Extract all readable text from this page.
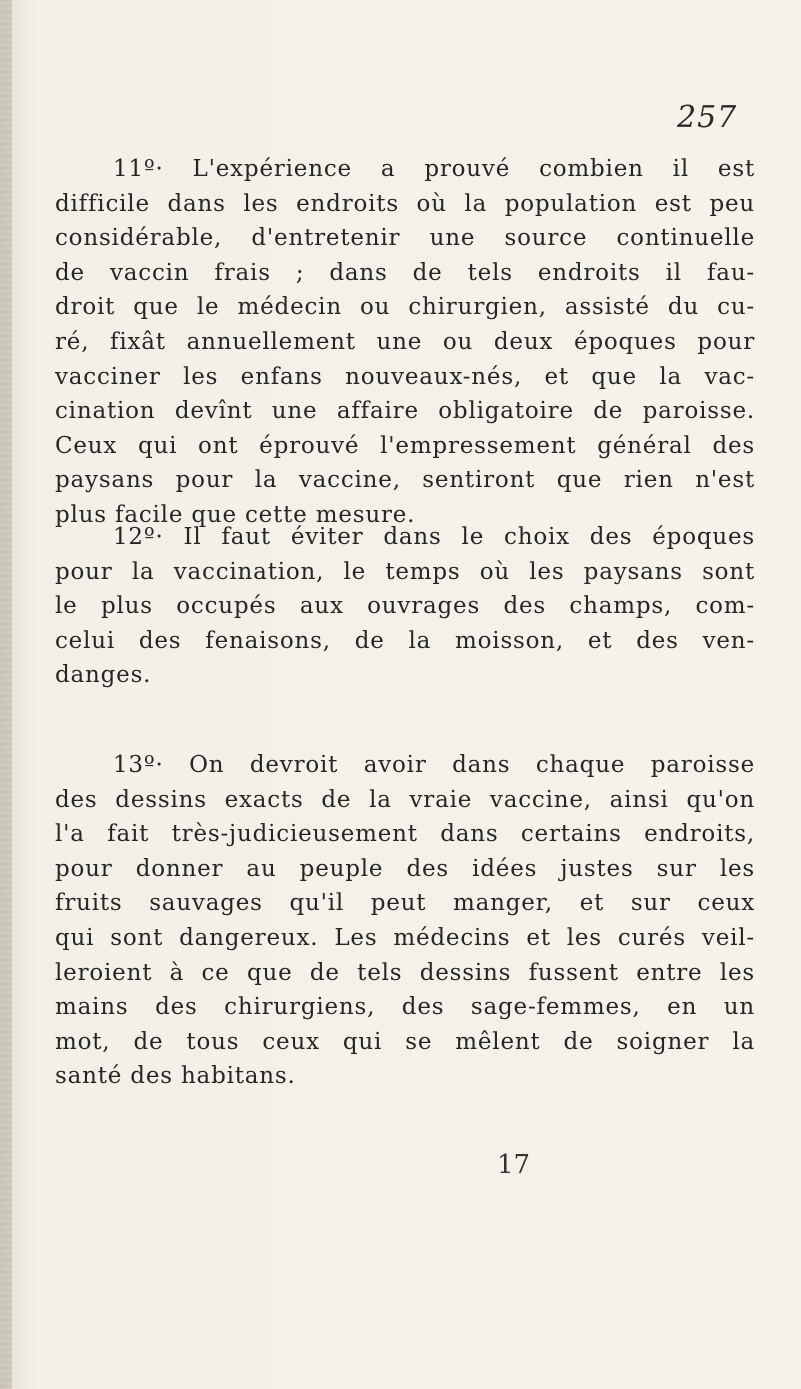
257
11º· L'expérience a prouvé combien il est
difficile dans les endroits où la population est peu
considérable, d'entretenir une source continuelle
de vaccin frais ; dans de tels endroits il fau-
droit que le médecin ou chirurgien, assisté du cu-
ré, fixât annuellement une ou deux époques pour
vacciner les enfans nouveaux-nés, et que la vac-
cination devînt une affaire obligatoire de paroisse.
Ceux qui ont éprouvé l'empressement général des
paysans pour la vaccine, sentiront que rien n'est
plus facile que cette mesure.
12º· Il faut éviter dans le choix des époques
pour la vaccination, le temps où les paysans sont
le plus occupés aux ouvrages des champs, com-
celui des fenaisons, de la moisson, et des ven-
danges.
13º· On devroit avoir dans chaque paroisse
des dessins exacts de la vraie vaccine, ainsi qu'on
l'a fait très-judicieusement dans certains endroits,
pour donner au peuple des idées justes sur les
fruits sauvages qu'il peut manger, et sur ceux
qui sont dangereux. Les médecins et les curés veil-
leroient à ce que de tels dessins fussent entre les
mains des chirurgiens, des sage-femmes, en un
mot, de tous ceux qui se mêlent de soigner la
santé des habitans.
17
